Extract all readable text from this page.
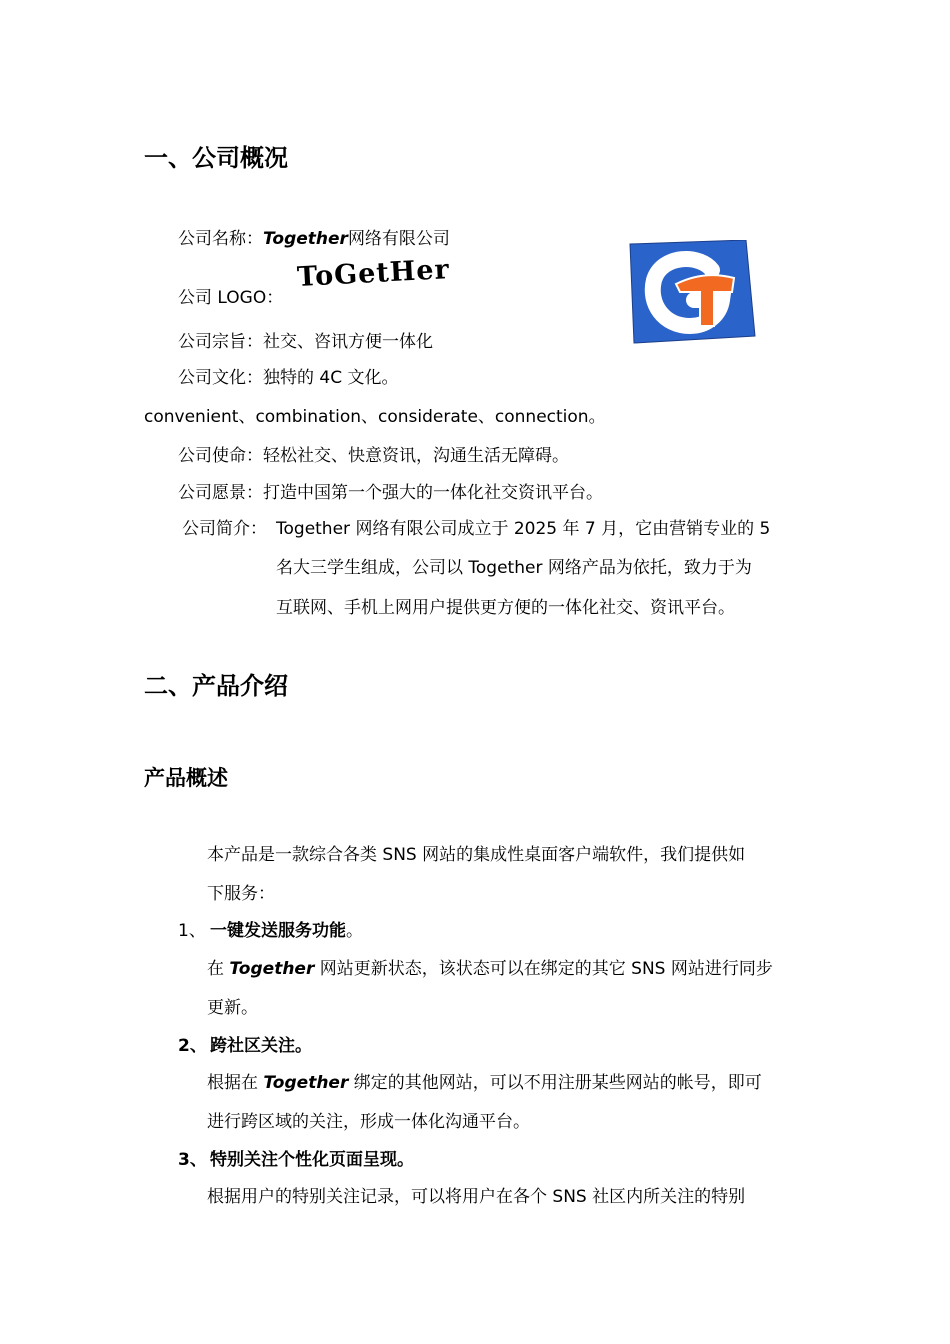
一、公司概况
公司名称：Together网络有限公司
公司 LOGO：
ToGetHer
公司宗旨：社交、咨讯方便一体化
公司文化：独特的 4C 文化。
convenient、combination、considerate、connection。
公司使命：轻松社交、快意资讯，沟通生活无障碍。
公司愿景：打造中国第一个强大的一体化社交资讯平台。
公司简介： Together 网络有限公司成立于 2025 年 7 月，它由营销专业的 5
名大三学生组成，公司以 Together 网络产品为依托，致力于为
互联网、手机上网用户提供更方便的一体化社交、资讯平台。
二、产品介绍
产品概述
本产品是一款综合各类 SNS 网站的集成性桌面客户端软件，我们提供如
下服务：
1、 一键发送服务功能。
在 Together 网站更新状态，该状态可以在绑定的其它 SNS 网站进行同步
更新。
2、 跨社区关注。
根据在 Together 绑定的其他网站，可以不用注册某些网站的帐号，即可
进行跨区域的关注，形成一体化沟通平台。
3、 特别关注个性化页面呈现。
根据用户的特别关注记录，可以将用户在各个 SNS 社区内所关注的特别
